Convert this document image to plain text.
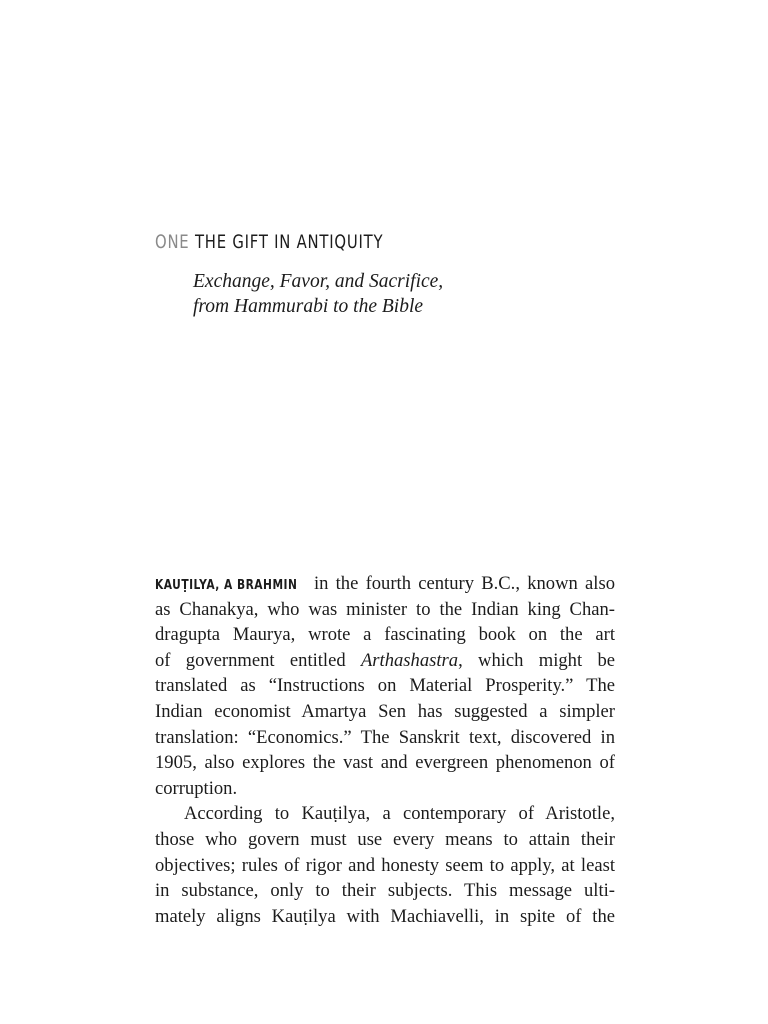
ONE THE GIFT IN ANTIQUITY
Exchange, Favor, and Sacrifice,
from Hammurabi to the Bible
KAUṬILYA, A BRAHMIN in the fourth century B.C., known also
as Chanakya, who was minister to the Indian king Chan-
dragupta Maurya, wrote a fascinating book on the art
of government entitled Arthashastra, which might be
translated as “Instructions on Material Prosperity.” The
Indian economist Amartya Sen has suggested a simpler
translation: “Economics.” The Sanskrit text, discovered in
1905, also explores the vast and evergreen phenomenon of
corruption.
According to Kauṭilya, a contemporary of Aristotle,
those who govern must use every means to attain their
objectives; rules of rigor and honesty seem to apply, at least
in substance, only to their subjects. This message ulti-
mately aligns Kauṭilya with Machiavelli, in spite of the
